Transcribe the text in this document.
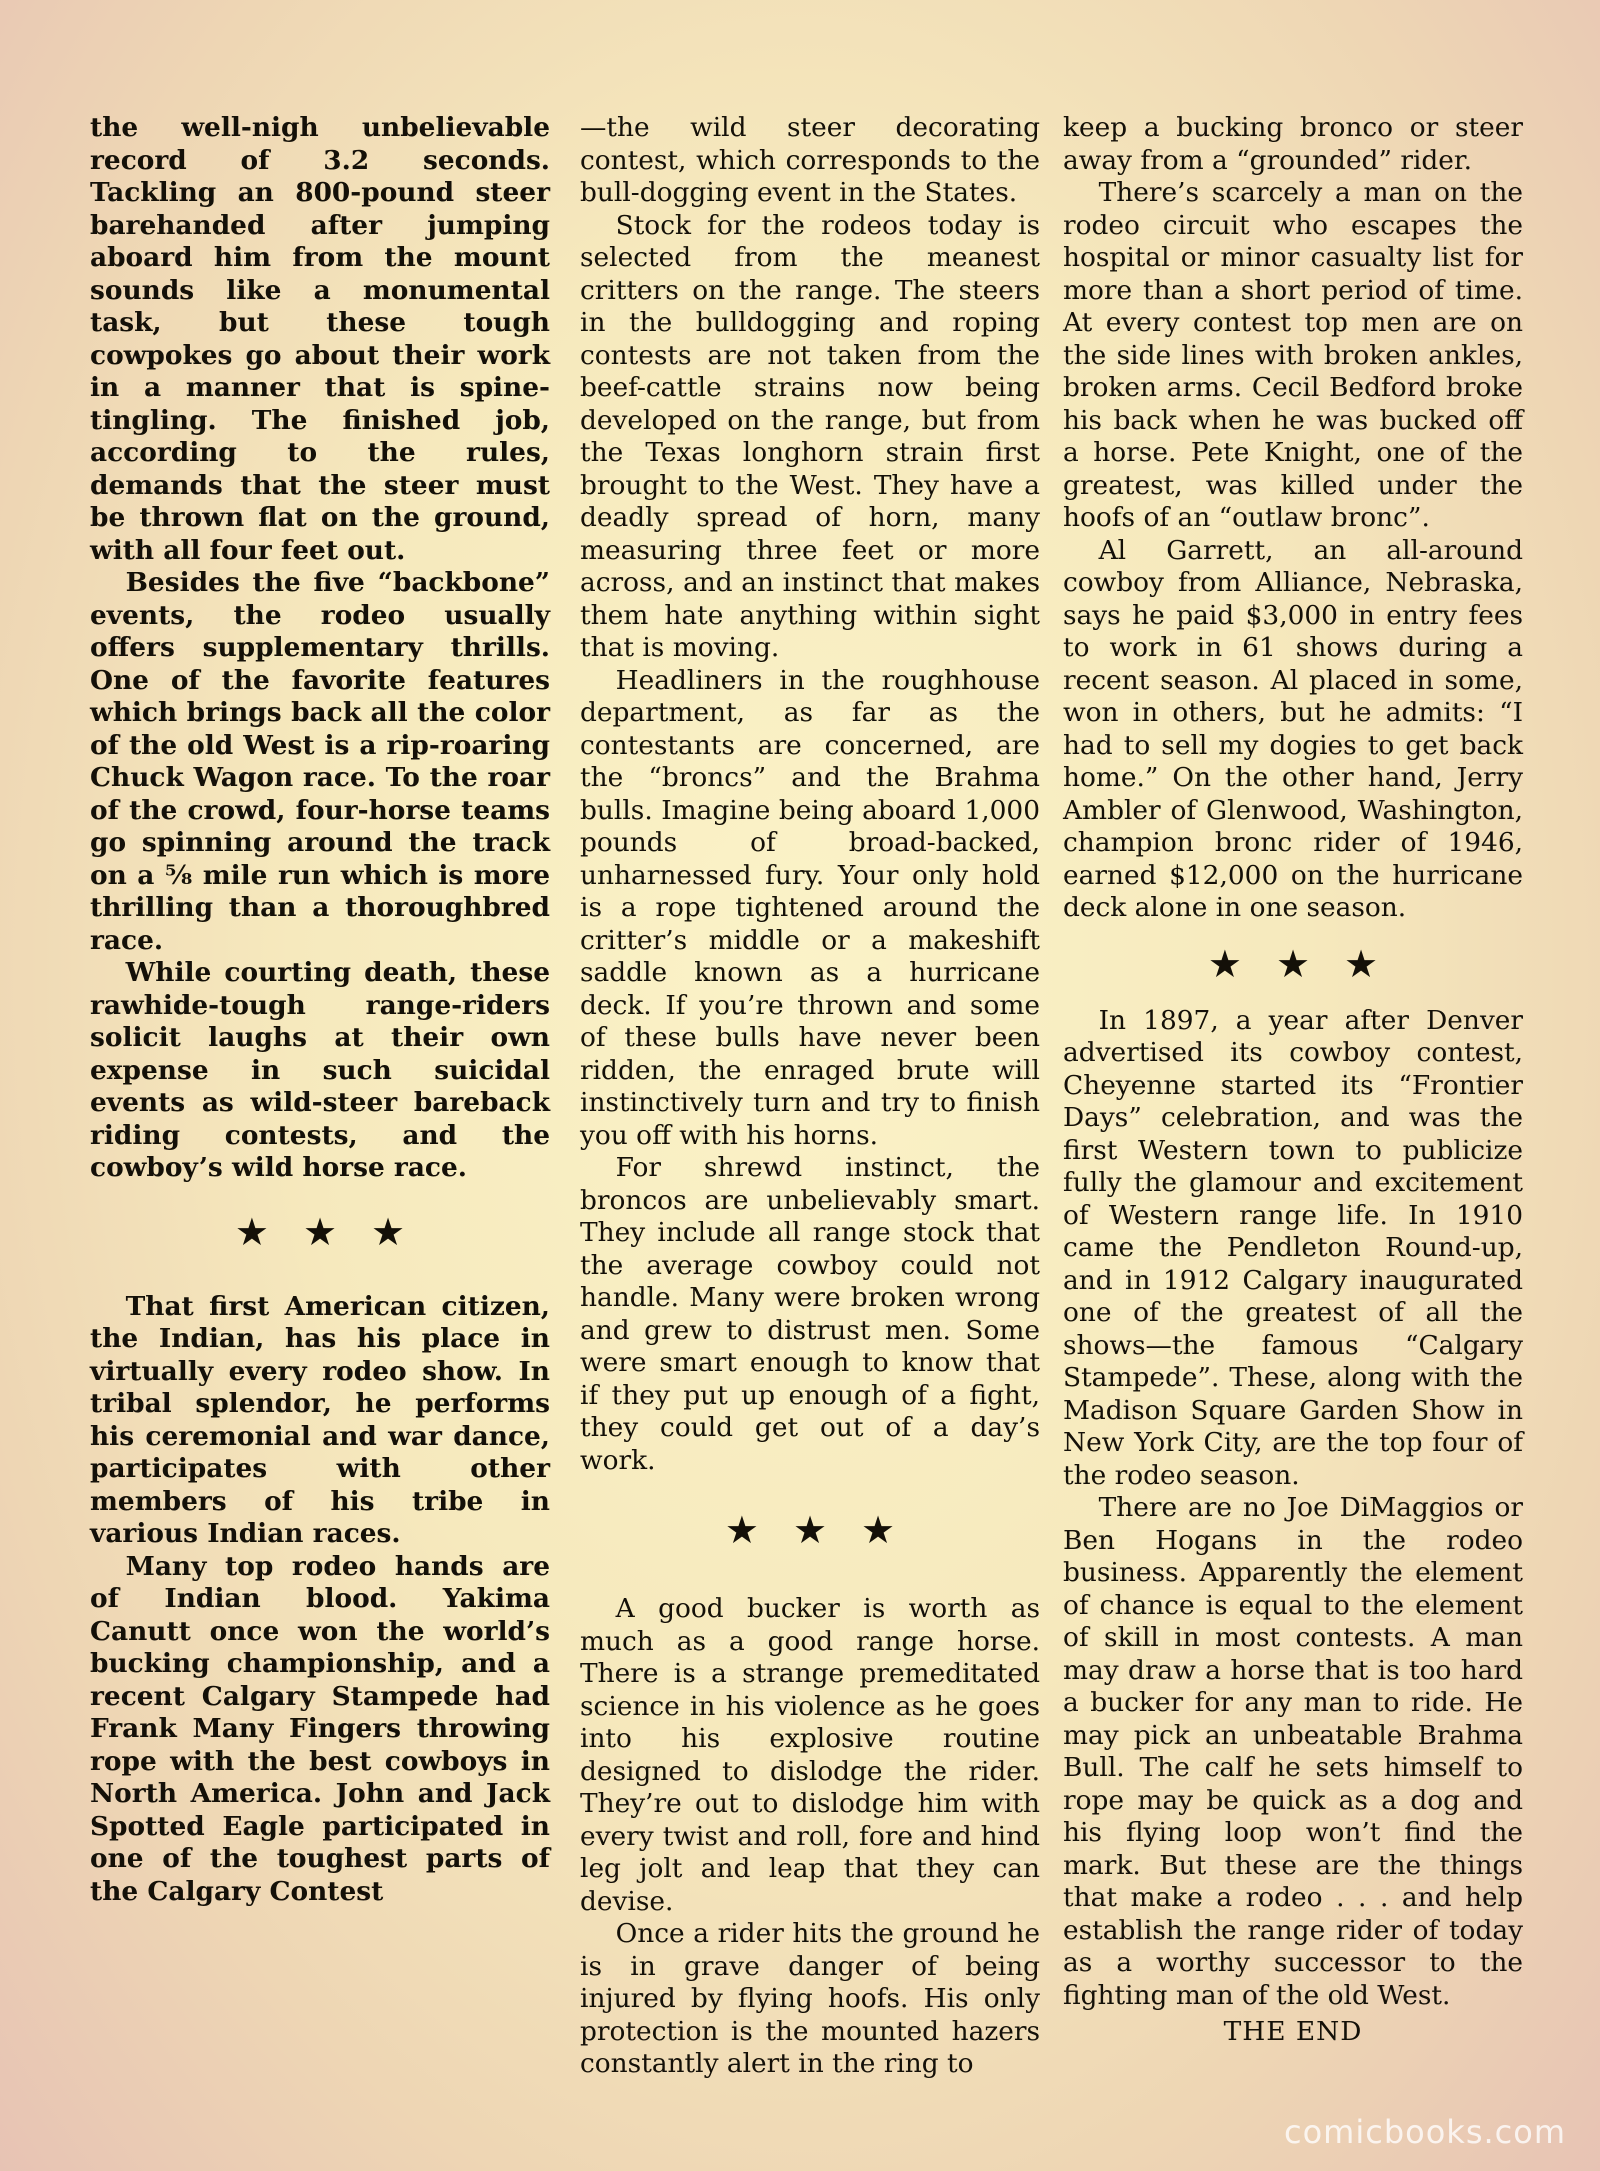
the well-nigh unbelievable record of 3.2 seconds. Tackling an 800-pound steer barehanded after jumping aboard him from the mount sounds like a monumental task, but these tough cowpokes go about their work in a manner that is spine-tingling. The finished job, according to the rules, demands that the steer must be thrown flat on the ground, with all four feet out.

Besides the five “backbone” events, the rodeo usually offers supplementary thrills. One of the favorite features which brings back all the color of the old West is a rip-roaring Chuck Wagon race. To the roar of the crowd, four-horse teams go spinning around the track on a ⅝ mile run which is more thrilling than a thoroughbred race.

While courting death, these rawhide-tough range-riders solicit laughs at their own expense in such suicidal events as wild-steer bareback riding contests, and the cowboy’s wild horse race.

★★★

That first American citizen, the Indian, has his place in virtually every rodeo show. In tribal splendor, he performs his ceremonial and war dance, participates with other members of his tribe in various Indian races.

Many top rodeo hands are of Indian blood. Yakima Canutt once won the world’s bucking championship, and a recent Calgary Stampede had Frank Many Fingers throwing rope with the best cowboys in North America. John and Jack Spotted Eagle participated in one of the toughest parts of the Calgary Contest

—the wild steer decorating contest, which corresponds to the bull-dogging event in the States.

Stock for the rodeos today is selected from the meanest critters on the range. The steers in the bulldogging and roping contests are not taken from the beef-cattle strains now being developed on the range, but from the Texas longhorn strain first brought to the West. They have a deadly spread of horn, many measuring three feet or more across, and an instinct that makes them hate anything within sight that is moving.

Headliners in the roughhouse department, as far as the contestants are concerned, are the “broncs” and the Brahma bulls. Imagine being aboard 1,000 pounds of broad-backed, unharnessed fury. Your only hold is a rope tightened around the critter’s middle or a makeshift saddle known as a hurricane deck. If you’re thrown and some of these bulls have never been ridden, the enraged brute will instinctively turn and try to finish you off with his horns.

For shrewd instinct, the broncos are unbelievably smart. They include all range stock that the average cowboy could not handle. Many were broken wrong and grew to distrust men. Some were smart enough to know that if they put up enough of a fight, they could get out of a day’s work.

★★★

A good bucker is worth as much as a good range horse. There is a strange premeditated science in his violence as he goes into his explosive routine designed to dislodge the rider. They’re out to dislodge him with every twist and roll, fore and hind leg jolt and leap that they can devise.

Once a rider hits the ground he is in grave danger of being injured by flying hoofs. His only protection is the mounted hazers constantly alert in the ring to

keep a bucking bronco or steer away from a “grounded” rider.

There’s scarcely a man on the rodeo circuit who escapes the hospital or minor casualty list for more than a short period of time. At every contest top men are on the side lines with broken ankles, broken arms. Cecil Bedford broke his back when he was bucked off a horse. Pete Knight, one of the greatest, was killed under the hoofs of an “outlaw bronc”.

Al Garrett, an all-around cowboy from Alliance, Nebraska, says he paid $3,000 in entry fees to work in 61 shows during a recent season. Al placed in some, won in others, but he admits: “I had to sell my dogies to get back home.” On the other hand, Jerry Ambler of Glenwood, Washington, champion bronc rider of 1946, earned $12,000 on the hurricane deck alone in one season.

★★★

In 1897, a year after Denver advertised its cowboy contest, Cheyenne started its “Frontier Days” celebration, and was the first Western town to publicize fully the glamour and excitement of Western range life. In 1910 came the Pendleton Round-up, and in 1912 Calgary inaugurated one of the greatest of all the shows—the famous “Calgary Stampede”. These, along with the Madison Square Garden Show in New York City, are the top four of the rodeo season.

There are no Joe DiMaggios or Ben Hogans in the rodeo business. Apparently the element of chance is equal to the element of skill in most contests. A man may draw a horse that is too hard a bucker for any man to ride. He may pick an unbeatable Brahma Bull. The calf he sets himself to rope may be quick as a dog and his flying loop won’t find the mark. But these are the things that make a rodeo . . . and help establish the range rider of today as a worthy successor to the fighting man of the old West.

THE END
comicbooks.com
